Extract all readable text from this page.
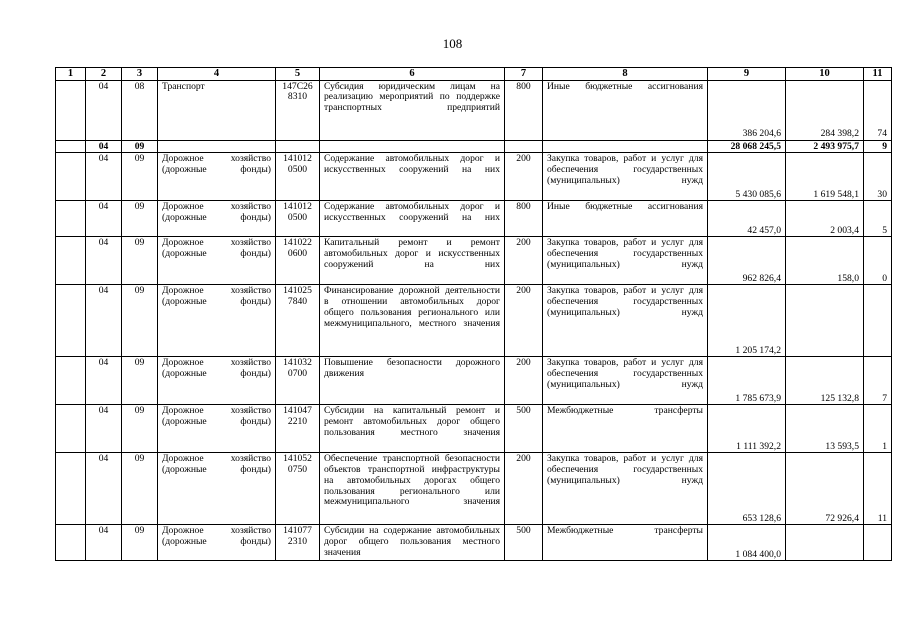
108
1	2	3	4	5	6	7	8	9	10	11
	04	08	Транспорт	147С26 8310	Субсидия юридическим лицам на реализацию мероприятий по поддержке транспортных предприятий	800	Иные бюджетные ассигнования	386 204,6	284 398,2	74
	04	09						28 068 245,5	2 493 975,7	9
	04	09	Дорожное хозяйство (дорожные фонды)	141012 0500	Содержание автомобильных дорог и искусственных сооружений на них	200	Закупка товаров, работ и услуг для обеспечения государственных (муниципальных) нужд	5 430 085,6	1 619 548,1	30
	04	09	Дорожное хозяйство (дорожные фонды)	141012 0500	Содержание автомобильных дорог и искусственных сооружений на них	800	Иные бюджетные ассигнования	42 457,0	2 003,4	5
	04	09	Дорожное хозяйство (дорожные фонды)	141022 0600	Капитальный ремонт и ремонт автомобильных дорог и искусственных сооружений на них	200	Закупка товаров, работ и услуг для обеспечения государственных (муниципальных) нужд	962 826,4	158,0	0
	04	09	Дорожное хозяйство (дорожные фонды)	141025 7840	Финансирование дорожной деятельности в отношении автомобильных дорог общего пользования регионального или межмуниципального, местного значения	200	Закупка товаров, работ и услуг для обеспечения государственных (муниципальных) нужд	1 205 174,2		
	04	09	Дорожное хозяйство (дорожные фонды)	141032 0700	Повышение безопасности дорожного движения	200	Закупка товаров, работ и услуг для обеспечения государственных (муниципальных) нужд	1 785 673,9	125 132,8	7
	04	09	Дорожное хозяйство (дорожные фонды)	141047 2210	Субсидии на капитальный ремонт и ремонт автомобильных дорог общего пользования местного значения	500	Межбюджетные трансферты	1 111 392,2	13 593,5	1
	04	09	Дорожное хозяйство (дорожные фонды)	141052 0750	Обеспечение транспортной безопасности объектов транспортной инфраструктуры на автомобильных дорогах общего пользования регионального или межмуниципального значения	200	Закупка товаров, работ и услуг для обеспечения государственных (муниципальных) нужд	653 128,6	72 926,4	11
	04	09	Дорожное хозяйство (дорожные фонды)	141077 2310	Субсидии на содержание автомобильных дорог общего пользования местного значения	500	Межбюджетные трансферты	1 084 400,0		
